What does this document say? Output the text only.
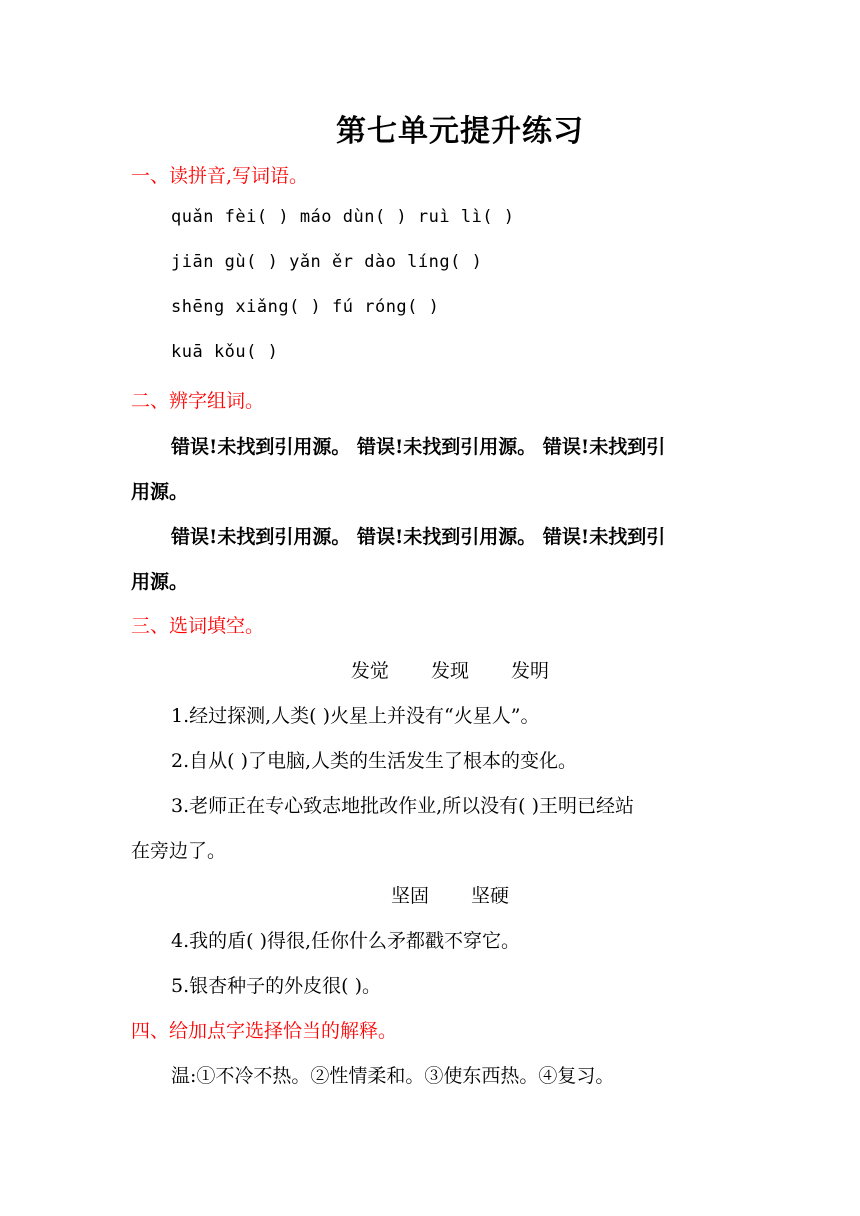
第七单元提升练习
一、读拼音,写词语。
quǎn fèi( ) máo dùn( ) ruì lì( )
jiān gù( ) yǎn ěr dào líng( )
shēng xiǎng( ) fú róng( )
kuā kǒu( )
二、辨字组词。
错误!未找到引用源。 错误!未找到引用源。 错误!未找到引
用源。
错误!未找到引用源。 错误!未找到引用源。 错误!未找到引
用源。
三、选词填空。
发觉 发现 发明
1.经过探测,人类( )火星上并没有“火星人”。
2.自从( )了电脑,人类的生活发生了根本的变化。
3.老师正在专心致志地批改作业,所以没有( )王明已经站
在旁边了。
坚固 坚硬
4.我的盾( )得很,任你什么矛都戳不穿它。
5.银杏种子的外皮很( )。
四、给加点字选择恰当的解释。
温:①不冷不热。②性情柔和。③使东西热。④复习。
